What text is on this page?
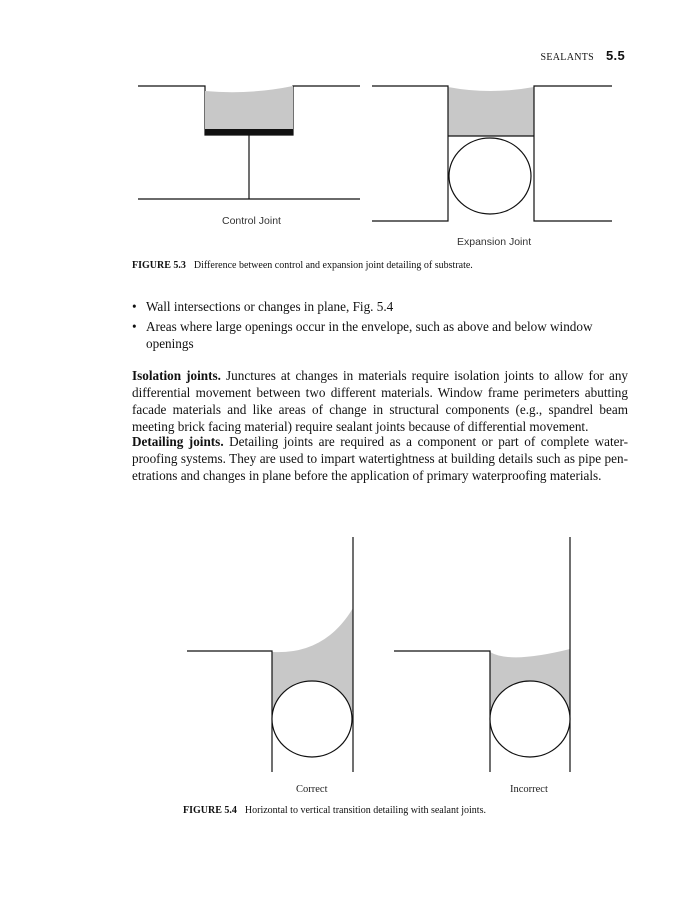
SEALANTS 5.5
Control Joint
Expansion Joint
Correct	Incorrect
FIGURE 5.3 Difference between control and expansion joint detailing of substrate.
• Wall intersections or changes in plane, Fig. 5.4
• Areas where large openings occur in the envelope, such as above and below window openings

Isolation joints. Junctures at changes in materials require isolation joints to allow for any differential movement between two different materials. Window frame perimeters abutting facade materials and like areas of change in structural components (e.g., spandrel beam meeting brick facing material) require sealant joints because of differential movement.

Detailing joints. Detailing joints are required as a component or part of complete water-proofing systems. They are used to impart watertightness at building details such as pipe pen-etrations and changes in plane before the application of primary waterproofing materials.

FIGURE 5.4 Horizontal to vertical transition detailing with sealant joints.
